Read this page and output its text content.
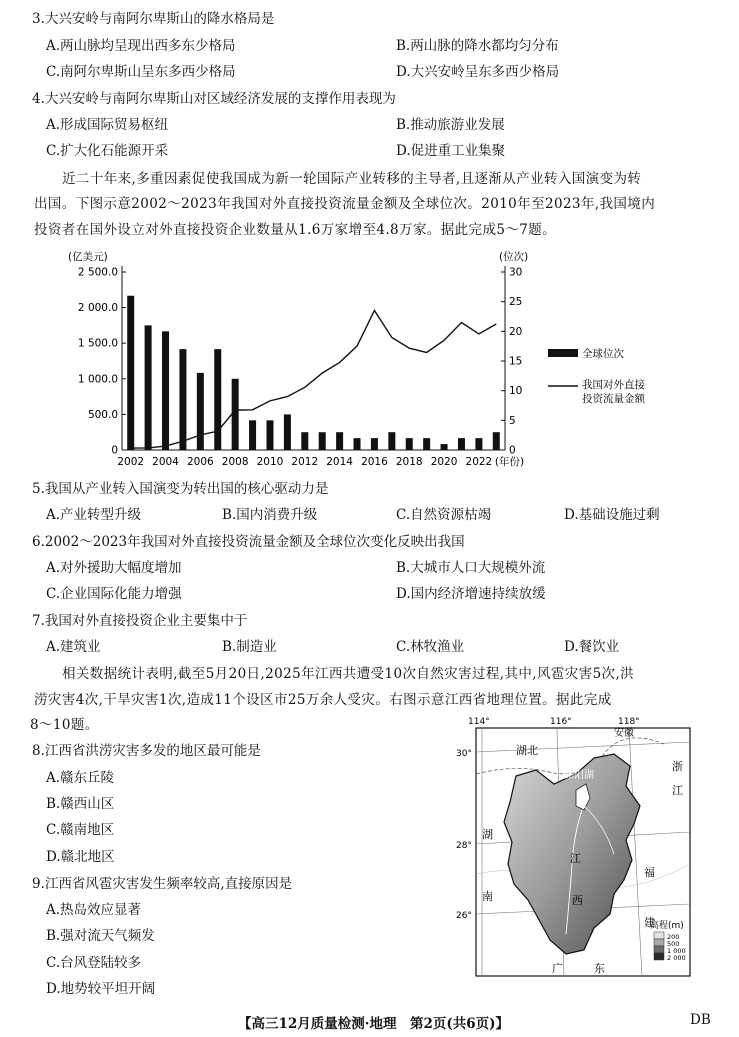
3.大兴安岭与南阿尔卑斯山的降水格局是
A.两山脉均呈现出西多东少格局	B.两山脉的降水都均匀分布
C.南阿尔卑斯山呈东多西少格局	D.大兴安岭呈东多西少格局
4.大兴安岭与南阿尔卑斯山对区域经济发展的支撑作用表现为
A.形成国际贸易枢纽	B.推动旅游业发展
C.扩大化石能源开采	D.促进重工业集聚
近二十年来,多重因素促使我国成为新一轮国际产业转移的主导者,且逐渐从产业转入国演变为转
出国。下图示意2002～2023年我国对外直接投资流量金额及全球位次。2010年至2023年,我国境内
投资者在国外设立对外直接投资企业数量从1.6万家增至4.8万家。据此完成5～7题。
(亿美元)	(位次)
2 500.0
2 000.0
1 500.0
1 000.0
500.0
0
30
25
20
15
10
5
0
2002 2004 2006 2008 2010 2012 2014 2016 2018 2020 2022 (年份)
全球位次
我国对外直接
投资流量金额
5.我国从产业转入国演变为转出国的核心驱动力是
A.产业转型升级	B.国内消费升级	C.自然资源枯竭	D.基础设施过剩
6.2002～2023年我国对外直接投资流量金额及全球位次变化反映出我国
A.对外援助大幅度增加	B.大城市人口大规模外流
C.企业国际化能力增强	D.国内经济增速持续放缓
7.我国对外直接投资企业主要集中于
A.建筑业	B.制造业	C.林牧渔业	D.餐饮业
相关数据统计表明,截至5月20日,2025年江西共遭受10次自然灾害过程,其中,风雹灾害5次,洪
涝灾害4次,干旱灾害1次,造成11个设区市25万余人受灾。右图示意江西省地理位置。据此完成
8～10题。
8.江西省洪涝灾害多发的地区最可能是
A.赣东丘陵
B.赣西山区
C.赣南地区
D.赣北地区
9.江西省风雹灾害发生频率较高,直接原因是
A.热岛效应显著
B.强对流天气频发
C.台风登陆较多
D.地势较平坦开阔
114°	116°	118°
30°
28°
26°
湖北
安徽
浙
江
湖
南
福
建
广	东
鄱阳湖
江
西
高程(m)
200
500
1 000
2 000
【高三12月质量检测·地理　第2页(共6页)】	DB
